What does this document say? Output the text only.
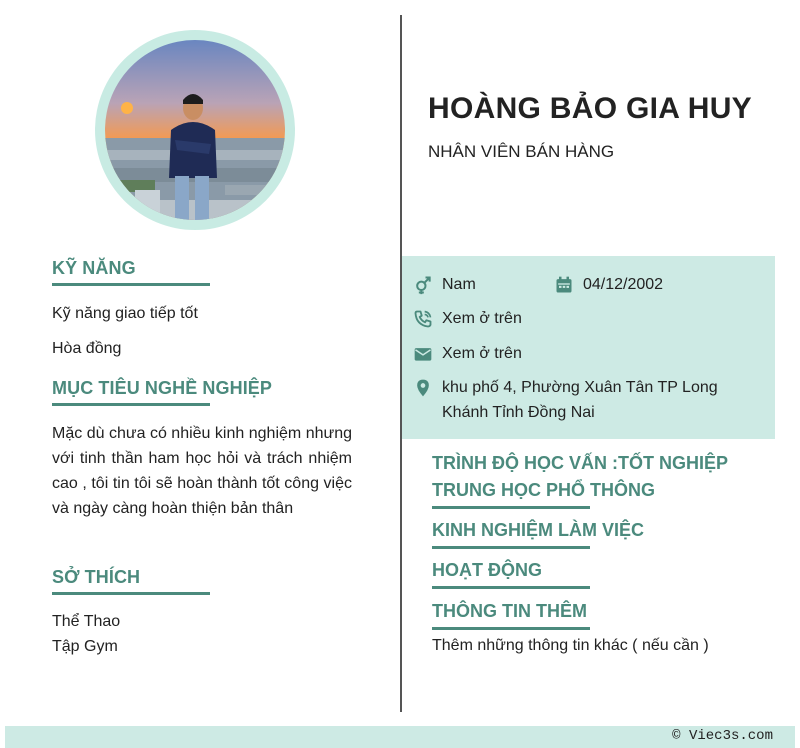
KỸ NĂNG
Kỹ năng giao tiếp tốt
Hòa đồng
MỤC TIÊU NGHỀ NGHIỆP
Mặc dù chưa có nhiều kinh nghiệm nhưng với tinh thần ham học hỏi và trách nhiệm cao , tôi tin tôi sẽ hoàn thành tốt công việc và ngày càng hoàn thiện bản thân
SỞ THÍCH
Thể Thao
Tập Gym
HOÀNG BẢO GIA HUY
NHÂN VIÊN BÁN HÀNG
Nam	04/12/2002
Xem ở trên
Xem ở trên
khu phố 4, Phường Xuân Tân TP Long
Khánh Tỉnh Đồng Nai
TRÌNH ĐỘ HỌC VẤN :TỐT NGHIỆP
TRUNG HỌC PHỔ THÔNG
KINH NGHIỆM LÀM VIỆC
HOẠT ĐỘNG
THÔNG TIN THÊM
Thêm những thông tin khác ( nếu cần )
© Viec3s.com
